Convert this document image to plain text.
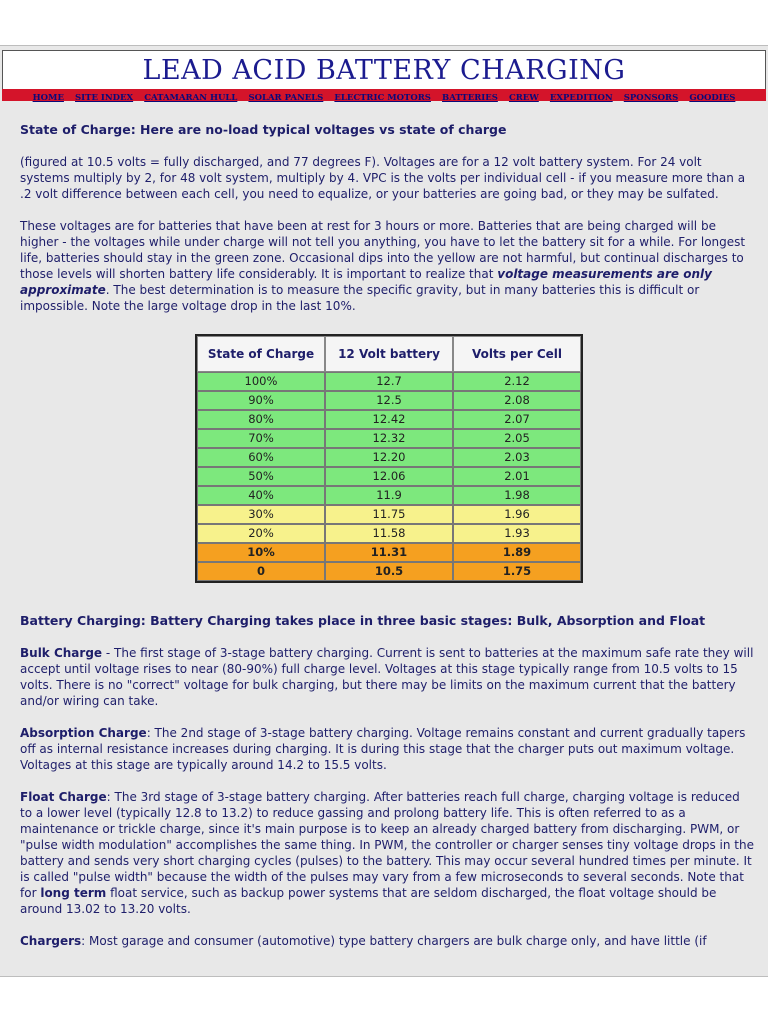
LEAD ACID BATTERY CHARGING
HOME SITE INDEX CATAMARAN HULL SOLAR PANELS ELECTRIC MOTORS BATTERIES CREW EXPEDITION SPONSORS GOODIES

State of Charge: Here are no-load typical voltages vs state of charge

(figured at 10.5 volts = fully discharged, and 77 degrees F). Voltages are for a 12 volt battery system. For 24 volt systems multiply by 2, for 48 volt system, multiply by 4. VPC is the volts per individual cell - if you measure more than a .2 volt difference between each cell, you need to equalize, or your batteries are going bad, or they may be sulfated.

These voltages are for batteries that have been at rest for 3 hours or more. Batteries that are being charged will be higher - the voltages while under charge will not tell you anything, you have to let the battery sit for a while. For longest life, batteries should stay in the green zone. Occasional dips into the yellow are not harmful, but continual discharges to those levels will shorten battery life considerably. It is important to realize that voltage measurements are only approximate. The best determination is to measure the specific gravity, but in many batteries this is difficult or impossible. Note the large voltage drop in the last 10%.

State of Charge	12 Volt battery	Volts per Cell
100%	12.7	2.12
90%	12.5	2.08
80%	12.42	2.07
70%	12.32	2.05
60%	12.20	2.03
50%	12.06	2.01
40%	11.9	1.98
30%	11.75	1.96
20%	11.58	1.93
10%	11.31	1.89
0	10.5	1.75

Battery Charging: Battery Charging takes place in three basic stages: Bulk, Absorption and Float

Bulk Charge - The first stage of 3-stage battery charging. Current is sent to batteries at the maximum safe rate they will accept until voltage rises to near (80-90%) full charge level. Voltages at this stage typically range from 10.5 volts to 15 volts. There is no "correct" voltage for bulk charging, but there may be limits on the maximum current that the battery and/or wiring can take.

Absorption Charge: The 2nd stage of 3-stage battery charging. Voltage remains constant and current gradually tapers off as internal resistance increases during charging. It is during this stage that the charger puts out maximum voltage. Voltages at this stage are typically around 14.2 to 15.5 volts.

Float Charge: The 3rd stage of 3-stage battery charging. After batteries reach full charge, charging voltage is reduced to a lower level (typically 12.8 to 13.2) to reduce gassing and prolong battery life. This is often referred to as a maintenance or trickle charge, since it's main purpose is to keep an already charged battery from discharging. PWM, or "pulse width modulation" accomplishes the same thing. In PWM, the controller or charger senses tiny voltage drops in the battery and sends very short charging cycles (pulses) to the battery. This may occur several hundred times per minute. It is called "pulse width" because the width of the pulses may vary from a few microseconds to several seconds. Note that for long term float service, such as backup power systems that are seldom discharged, the float voltage should be around 13.02 to 13.20 volts.

Chargers: Most garage and consumer (automotive) type battery chargers are bulk charge only, and have little (if
